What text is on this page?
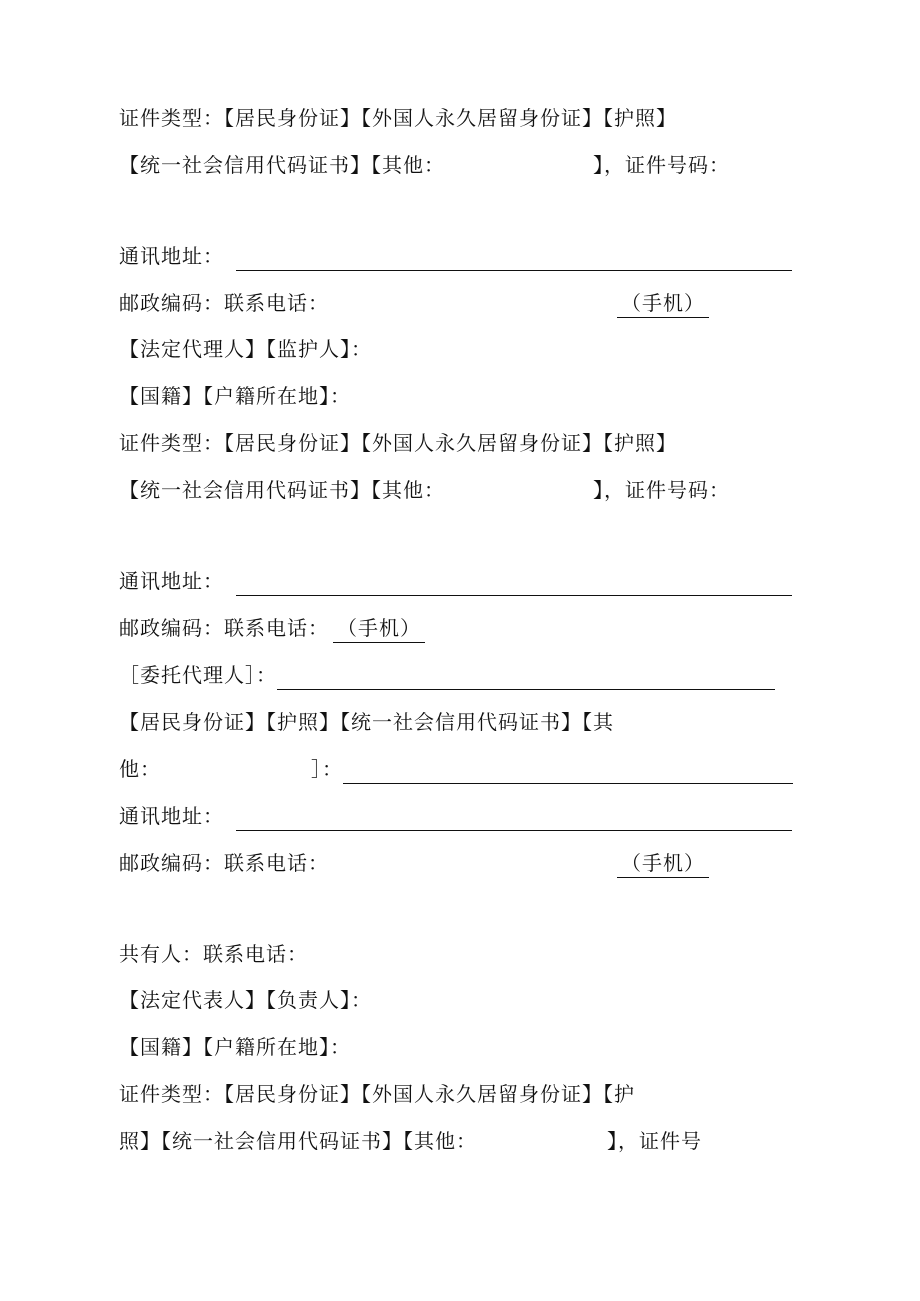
证件类型：【居民身份证】【外国人永久居留身份证】【护照】
【统一社会信用代码证书】【其他：	】，证件号码：
通讯地址：
邮政编码：联系电话：	（手机）
【法定代理人】【监护人】：
【国籍】【户籍所在地】：
证件类型：【居民身份证】【外国人永久居留身份证】【护照】
【统一社会信用代码证书】【其他：	】，证件号码：
通讯地址：
邮政编码：联系电话： （手机）
［委托代理人］：
【居民身份证】【护照】【统一社会信用代码证书】【其
他：	］：
通讯地址：
邮政编码：联系电话：	（手机）
共有人：联系电话：
【法定代表人】【负责人】：
【国籍】【户籍所在地】：
证件类型：【居民身份证】【外国人永久居留身份证】【护
照】【统一社会信用代码证书】【其他：	】，证件号
